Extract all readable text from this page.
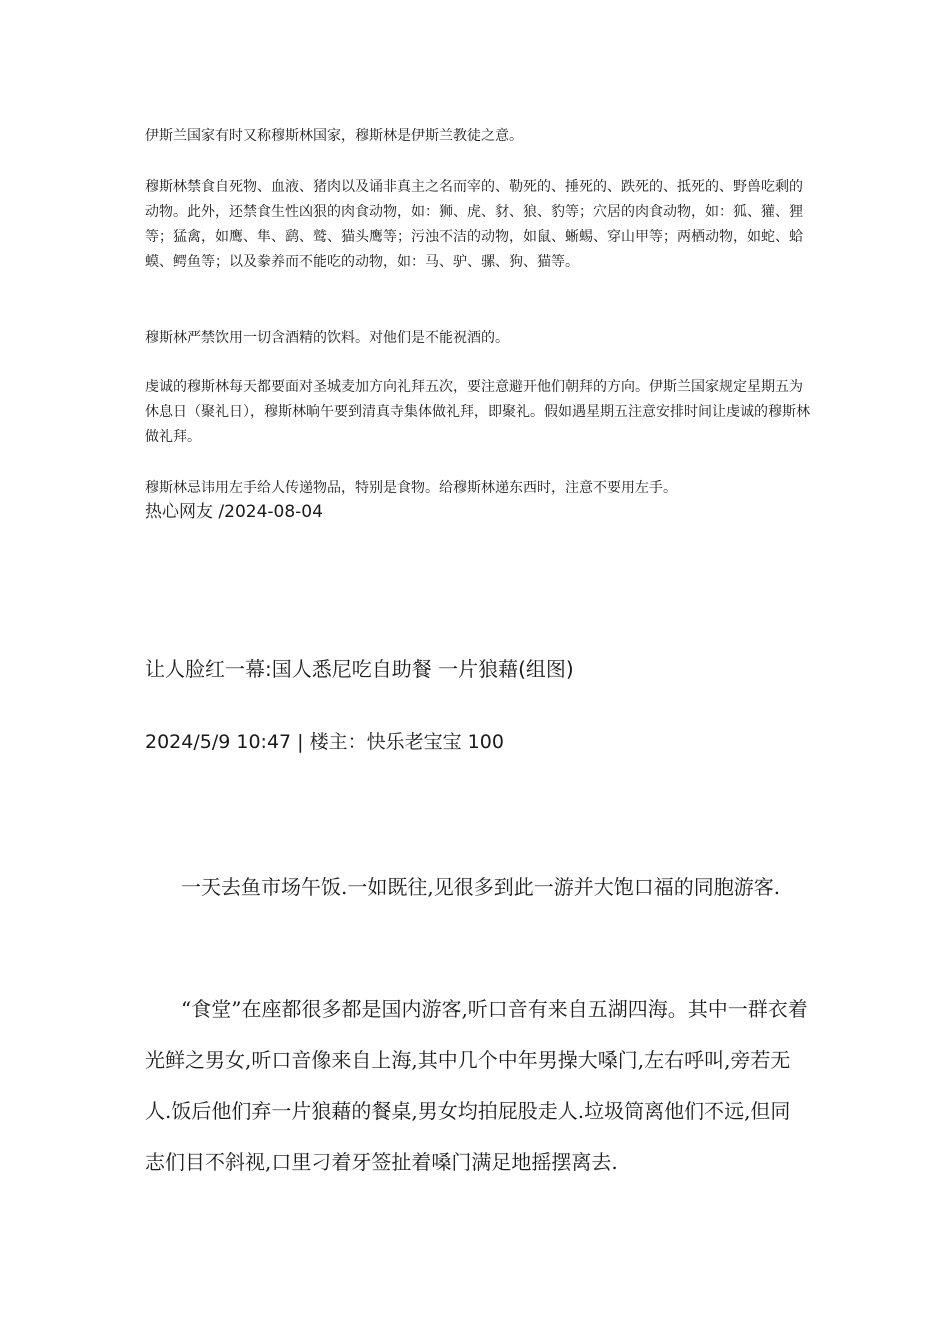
伊斯兰国家有时又称穆斯林国家，穆斯林是伊斯兰教徒之意。

穆斯林禁食自死物、血液、猪肉以及诵非真主之名而宰的、勒死的、捶死的、跌死的、抵死的、野兽吃剩的动物。此外，还禁食生性凶狠的肉食动物，如：狮、虎、豺、狼、豹等；穴居的肉食动物，如：狐、獾、狸等；猛禽，如鹰、隼、鹞、鹫、猫头鹰等；污浊不洁的动物，如鼠、蜥蜴、穿山甲等；两栖动物，如蛇、蛤蟆、鳄鱼等；以及豢养而不能吃的动物，如：马、驴、骡、狗、猫等。

穆斯林严禁饮用一切含酒精的饮料。对他们是不能祝酒的。

虔诚的穆斯林每天都要面对圣城麦加方向礼拜五次，要注意避开他们朝拜的方向。伊斯兰国家规定星期五为休息日（聚礼日），穆斯林晌午要到清真寺集体做礼拜，即聚礼。假如遇星期五注意安排时间让虔诚的穆斯林做礼拜。

穆斯林忌讳用左手给人传递物品，特别是食物。给穆斯林递东西时，注意不要用左手。

热心网友 /2024-08-04

让人脸红一幕:国人悉尼吃自助餐 一片狼藉(组图)

2024/5/9 10:47 | 楼主：快乐老宝宝 100

一天去鱼市场午饭.一如既往,见很多到此一游并大饱口福的同胞游客.

“食堂”在座都很多都是国内游客,听口音有来自五湖四海。其中一群衣着光鲜之男女,听口音像来自上海,其中几个中年男操大嗓门,左右呼叫,旁若无人.饭后他们弃一片狼藉的餐桌,男女均拍屁股走人.垃圾筒离他们不远,但同志们目不斜视,口里刁着牙签扯着嗓门满足地摇摆离去.
